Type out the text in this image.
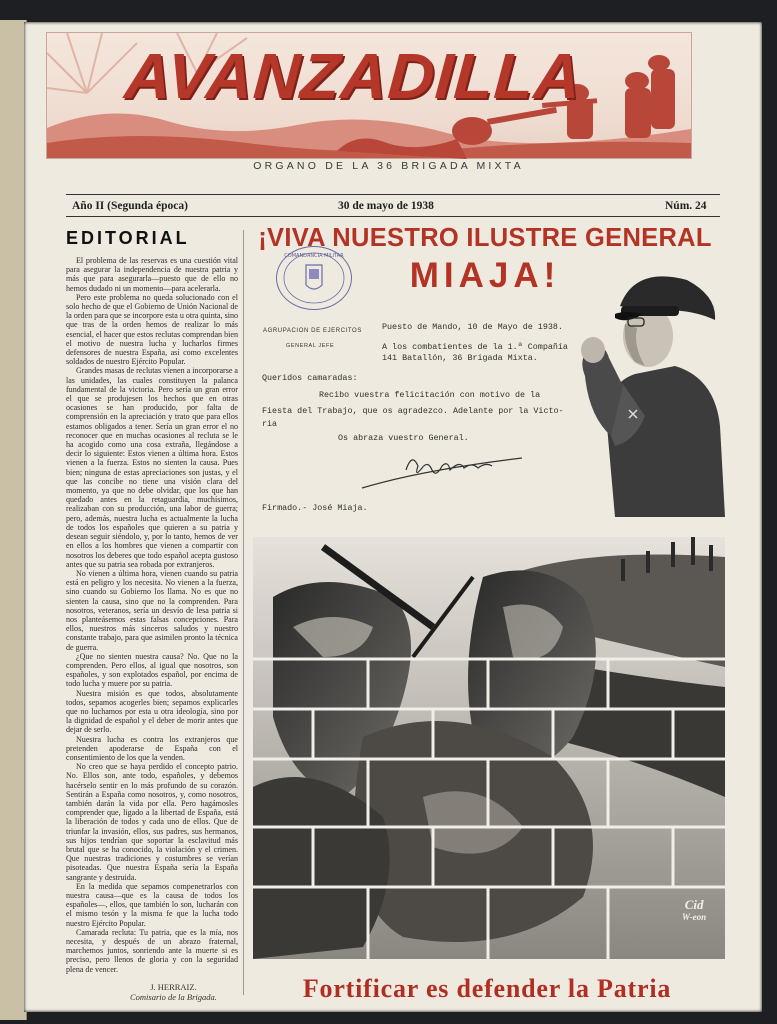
AVANZADILLA
ORGANO DE LA 36 BRIGADA MIXTA
Año II (Segunda época)	30 de mayo de 1938	Núm. 24
EDITORIAL

El problema de las reservas es una cuestión vital para asegurar la independencia de nuestra patria y más que para asegurarla—puesto que de ello no hemos dudado ni un momento—para acelerarla.

Pero este problema no queda solucionado con el solo hecho de que el Gobierno de Unión Nacional de la orden para que se incorpore esta u otra quinta, sino que tras de la orden hemos de realizar lo más esencial, el hacer que estos reclutas comprendan bien el motivo de nuestra lucha y lucharlos firmes defensores de nuestra España, así como excelentes soldados de nuestro Ejército Popular.

Grandes masas de reclutas vienen a incorporarse a las unidades, las cuales constituyen la palanca fundamental de la victoria. Pero sería un gran error el que se produjesen los hechos que en otras ocasiones se han producido, por falta de comprensión en la apreciación y trato que para ellos estamos obligados a tener. Sería un gran error el no reconocer que en muchas ocasiones al recluta se le ha acogido como una cosa extraña, llegándose a decir lo siguiente: Estos vienen a última hora. Estos vienen a la fuerza. Estos no sienten la causa. Pues bien; ninguna de estas apreciaciones son justas, y el que las concibe no tiene una visión clara del momento, ya que no debe olvidar, que los que han quedado antes en la retaguardia, muchísimos, realizaban con su producción, una labor de guerra; pero, además, nuestra lucha es actualmente la lucha de todos los españoles que quieren a su patria y desean seguir siéndolo, y, por lo tanto, hemos de ver en ellos a los hombres que vienen a compartir con nosotros los deberes que todo español acepta gustoso antes que su patria sea robada por extranjeros.

No vienen a última hora, vienen cuando su patria está en peligro y los necesita. No vienen a la fuerza, sino cuando su Gobierno los llama. No es que no sienten la causa, sino que no la comprenden. Para nosotros, veteranos, sería un desvío de lesa patria si nos planteásemos estas falsas concepciones. Para ellos, nuestros más sinceros saludos y nuestro constante trabajo, para que asimilen pronto la técnica de guerra.

¿Que no sienten nuestra causa? No. Que no la comprenden. Pero ellos, al igual que nosotros, son españoles, y son explotados español, por encima de todo lucha y muere por su patria.

Nuestra misión es que todos, absolutamente todos, sepamos acogerles bien; sepamos explicarles que no luchamos por esta u otra ideología, sino por la dignidad de español y el deber de morir antes que dejar de serlo.

Nuestra lucha es contra los extranjeros que pretenden apoderarse de España con el consentimiento de los que la venden.

No creo que se haya perdido el concepto patrio. No. Ellos son, ante todo, españoles, y debemos hacérselo sentir en lo más profundo de su corazón. Sentirán a España como nosotros, y, como nosotros, también darán la vida por ella. Pero hagámosles comprender que, ligado a la libertad de España, está la liberación de todos y cada uno de ellos. Que de triunfar la invasión, ellos, sus padres, sus hermanos, sus hijos tendrían que soportar la esclavitud más brutal que se ha conocido, la violación y el crimen. Que nuestras tradiciones y costumbres se verían pisoteadas. Que nuestra España sería la España sangrante y destruida.

En la medida que sepamos compenetrarlos con nuestra causa—que es la causa de todos los españoles—, ellos, que también lo son, lucharán con el mismo tesón y la misma fe que la lucha todo nuestro Ejército Popular.

Camarada recluta: Tu patria, que es la mía, nos necesita, y después de un abrazo fraternal, marchemos juntos, sonriendo ante la muerte si es preciso, pero llenos de gloria y con la seguridad plena de vencer.

J. HERRAIZ.
Comisario de la Brigada.
¡VIVA NUESTRO ILUSTRE GENERAL
MIAJA!
COMANDANCIA MILITAR
AGRUPACION DE EJERCITOS
GENERAL JEFE
Puesto de Mando, 10 de Mayo de 1938.
A los combatientes de la 1.ª Compañía
141 Batallón, 36 Brigada Mixta.
Queridos camaradas:
Recibo vuestra felicitación con motivo de la
Fiesta del Trabajo, que os agradezco. Adelante por la Victo-
ria
Os abraza vuestro General.
Firmado.- José Miaja.
Cid
W-eon
Fortificar es defender la Patria
